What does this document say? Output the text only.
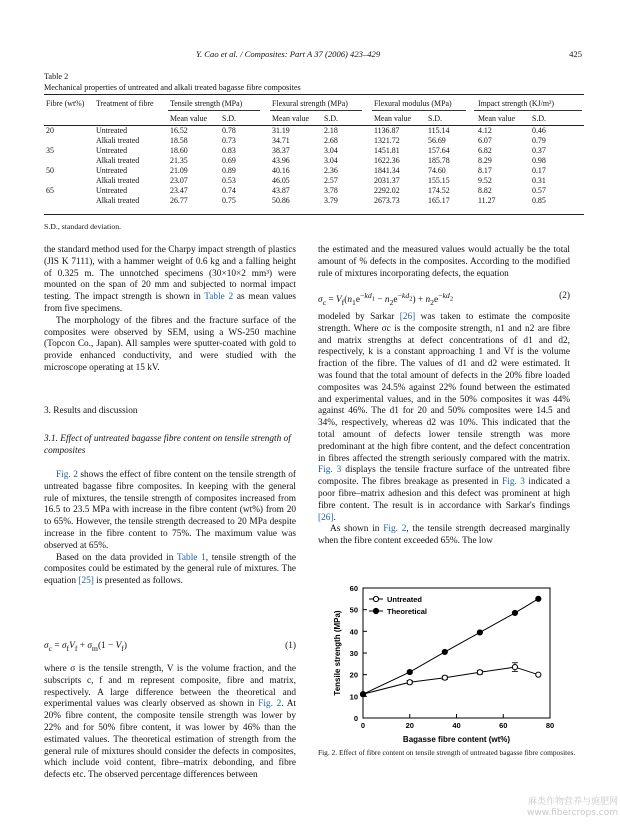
Y. Cao et al. / Composites: Part A 37 (2006) 423–429	425
Table 2
Mechanical properties of untreated and alkali treated bagasse fibre composites
Fibre (wt%)	Treatment of fibre	Tensile strength (MPa)		Flexural strength (MPa)		Flexural modulus (MPa)		Impact strength (KJ/m²)	
		Mean value	S.D.	Mean value	S.D.	Mean value	S.D.	Mean value	S.D.
20	Untreated	16.52	0.78	31.19	2.18	1136.87	115.14	4.12	0.46
	Alkali treated	18.58	0.73	34.71	2.68	1321.72	56.69	6.07	0.79
35	Untreated	18.60	0.83	38.37	3.04	1451.81	157.64	6.82	0.37
	Alkali treated	21.35	0.69	43.96	3.04	1622.36	185.78	8.29	0.98
50	Untreated	21.09	0.89	40.16	2.36	1841.34	74.60	8.17	0.17
	Alkali treated	23.07	0.53	46.05	2.57	2031.37	155.15	9.52	0.31
65	Untreated	23.47	0.74	43.87	3.78	2292.02	174.52	8.82	0.57
	Alkali treated	26.77	0.75	50.86	3.79	2673.73	165.17	11.27	0.85
S.D., standard deviation.

the standard method used for the Charpy impact strength of plastics (JIS K 7111), with a hammer weight of 0.6 kg and a falling height of 0.325 m. The unnotched specimens (30×10×2 mm³) were mounted on the span of 20 mm and subjected to normal impact testing. The impact strength is shown in Table 2 as mean values from five specimens.

The morphology of the fibres and the fracture surface of the composites were observed by SEM, using a WS-250 machine (Topcon Co., Japan). All samples were sputter-coated with gold to provide enhanced conductivity, and were studied with the microscope operating at 15 kV.

3. Results and discussion
3.1. Effect of untreated bagasse fibre content on tensile strength of composites

Fig. 2 shows the effect of fibre content on the tensile strength of untreated bagasse fibre composites. In keeping with the general rule of mixtures, the tensile strength of composites increased from 16.5 to 23.5 MPa with increase in the fibre content (wt%) from 20 to 65%. However, the tensile strength decreased to 20 MPa despite increase in the fibre content to 75%. The maximum value was observed at 65%.

Based on the data provided in Table 1, tensile strength of the composites could be estimated by the general rule of mixtures. The equation [25] is presented as follows.

$\sigma_c = \sigma_fV_f + \sigma_m(1 - V_f)$	(1)

where σ is the tensile strength, V is the volume fraction, and the subscripts c, f and m represent composite, fibre and matrix, respectively. A large difference between the theoretical and experimental values was clearly observed as shown in Fig. 2. At 20% fibre content, the composite tensile strength was lower by 22% and for 50% fibre content, it was lower by 46% than the estimated values. The theoretical estimation of strength from the general rule of mixtures should consider the defects in composites, which include void content, fibre–matrix debonding, and fibre defects etc. The observed percentage differences between

the estimated and the measured values would actually be the total amount of % defects in the composites. According to the modified rule of mixtures incorporating defects, the equation

$\sigma_c = V_f(n_1e^{-kd_1} - n_2e^{-kd_2}) + n_2e^{-kd_2}$	(2)

modeled by Sarkar [26] was taken to estimate the composite strength. Where σc is the composite strength, n1 and n2 are fibre and matrix strengths at defect concentrations of d1 and d2, respectively, k is a constant approaching 1 and Vf is the volume fraction of the fibre. The values of d1 and d2 were estimated. It was found that the total amount of defects in the 20% fibre loaded composites was 24.5% against 22% found between the estimated and experimental values, and in the 50% composites it was 44% against 46%. The d1 for 20 and 50% composites were 14.5 and 34%, respectively, whereas d2 was 10%. This indicated that the total amount of defects lower tensile strength was more predominant at the high fibre content, and the defect concentration in fibres affected the strength seriously compared with the matrix. Fig. 3 displays the tensile fracture surface of the untreated fibre composite. The fibres breakage as presented in Fig. 3 indicated a poor fibre–matrix adhesion and this defect was prominent at high fibre content. The result is in accordance with Sarkar's findings [26].

As shown in Fig. 2, the tensile strength decreased marginally when the fibre content exceeded 65%. The low

0
10
20
30
40
50
60
0	20	40	60	80
Bagasse fibre content (wt%)
Tensile strength (MPa)
Untreated
Theoretical
Fig. 2. Effect of fibre content on tensile strength of untreated bagasse fibre composites.
麻类作物营养与施肥网
www.fibercrops.com
